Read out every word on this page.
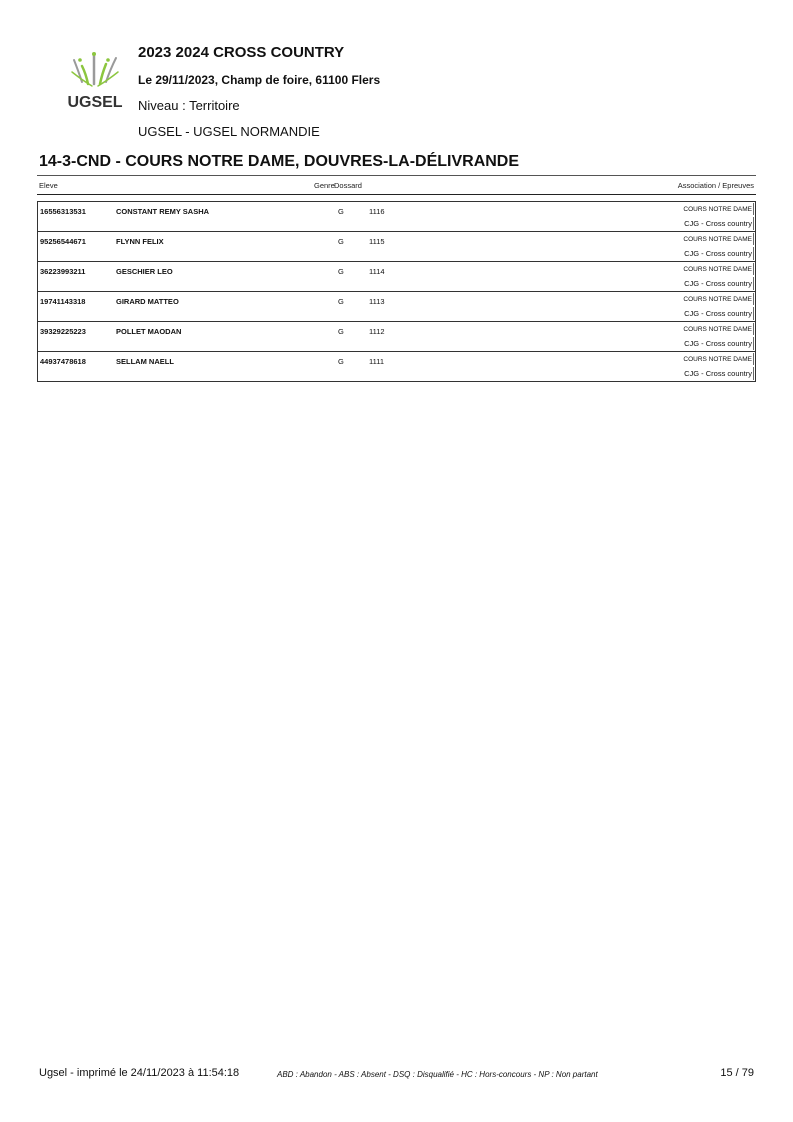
UGSEL
2023 2024 CROSS COUNTRY
Le 29/11/2023, Champ de foire, 61100 Flers
Niveau : Territoire
UGSEL - UGSEL NORMANDIE
14-3-CND - COURS NOTRE DAME, DOUVRES-LA-DÉLIVRANDE
Eleve	Genre Dossard	Association / Epreuves
16556313531	CONSTANT REMY SASHA	G	1116	COURS NOTRE DAME
CJG - Cross country
95256544671	FLYNN FELIX	G	1115	COURS NOTRE DAME
CJG - Cross country
36223993211	GESCHIER LEO	G	1114	COURS NOTRE DAME
CJG - Cross country
19741143318	GIRARD MATTEO	G	1113	COURS NOTRE DAME
CJG - Cross country
39329225223	POLLET MAODAN	G	1112	COURS NOTRE DAME
CJG - Cross country
44937478618	SELLAM NAELL	G	1111	COURS NOTRE DAME
CJG - Cross country
Ugsel - imprimé le 24/11/2023 à 11:54:18	ABD : Abandon - ABS : Absent - DSQ : Disqualifié - HC : Hors-concours - NP : Non partant	15 / 79
